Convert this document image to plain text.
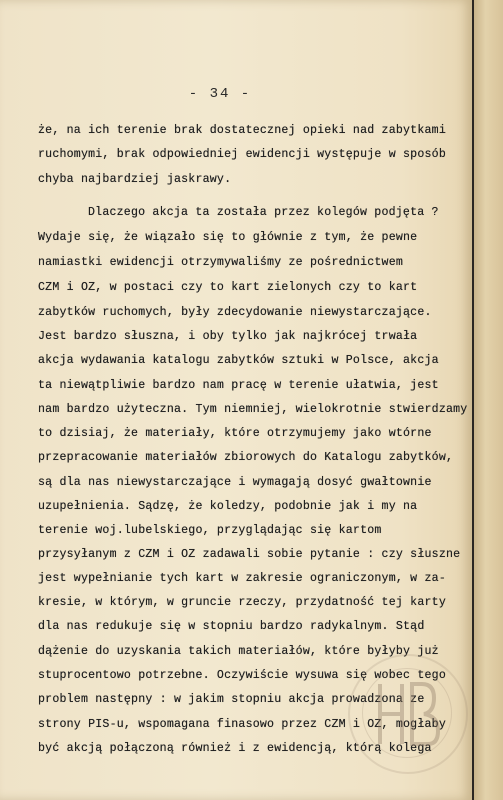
- 34 -
że, na ich terenie brak dostatecznej opieki nad zabytkami
ruchomymi, brak odpowiedniej ewidencji występuje w sposób
chyba najbardziej jaskrawy.
Dlaczego akcja ta została przez kolegów podjęta ?
Wydaje się, że wiązało się to głównie z tym, że pewne
namiastki ewidencji otrzymywaliśmy ze pośrednictwem
CZM i OZ, w postaci czy to kart zielonych czy to kart
zabytków ruchomych, były zdecydowanie niewystarczające.
Jest bardzo słuszna, i oby tylko jak najkrócej trwała
akcja wydawania katalogu zabytków sztuki w Polsce, akcja
ta niewątpliwie bardzo nam pracę w terenie ułatwia, jest
nam bardzo użyteczna. Tym niemniej, wielokrotnie stwierdzamy
to dzisiaj, że materiały, które otrzymujemy jako wtórne
przepracowanie materiałów zbiorowych do Katalogu zabytków,
są dla nas niewystarczające i wymagają dosyć gwałtownie
uzupełnienia. Sądzę, że koledzy, podobnie jak i my na
terenie woj.lubelskiego, przyglądając się kartom
przysyłanym z CZM i OZ zadawali sobie pytanie : czy słuszne
jest wypełnianie tych kart w zakresie ograniczonym, w za-
kresie, w którym, w gruncie rzeczy, przydatność tej karty
dla nas redukuje się w stopniu bardzo radykalnym. Stąd
dążenie do uzyskania takich materiałów, które byłyby już
stuprocentowo potrzebne. Oczywiście wysuwa się wobec tego
problem następny : w jakim stopniu akcja prowadzona ze
strony PIS-u, wspomagana finasowo przez CZM i OZ, mogłaby
być akcją połączoną również i z ewidencją, którą kolega
